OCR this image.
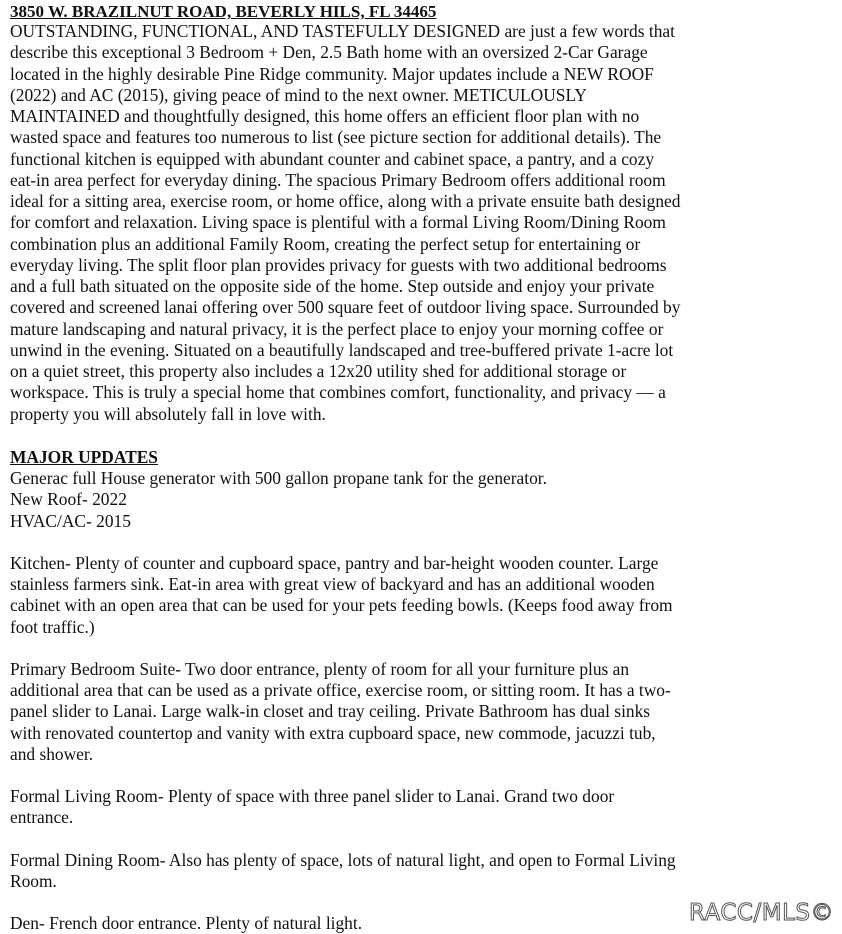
3850 W. BRAZILNUT ROAD, BEVERLY HILS, FL 34465

OUTSTANDING, FUNCTIONAL, AND TASTEFULLY DESIGNED are just a few words that
describe this exceptional 3 Bedroom + Den, 2.5 Bath home with an oversized 2-Car Garage
located in the highly desirable Pine Ridge community. Major updates include a NEW ROOF
(2022) and AC (2015), giving peace of mind to the next owner. METICULOUSLY
MAINTAINED and thoughtfully designed, this home offers an efficient floor plan with no
wasted space and features too numerous to list (see picture section for additional details). The
functional kitchen is equipped with abundant counter and cabinet space, a pantry, and a cozy
eat-in area perfect for everyday dining. The spacious Primary Bedroom offers additional room
ideal for a sitting area, exercise room, or home office, along with a private ensuite bath designed
for comfort and relaxation. Living space is plentiful with a formal Living Room/Dining Room
combination plus an additional Family Room, creating the perfect setup for entertaining or
everyday living. The split floor plan provides privacy for guests with two additional bedrooms
and a full bath situated on the opposite side of the home. Step outside and enjoy your private
covered and screened lanai offering over 500 square feet of outdoor living space. Surrounded by
mature landscaping and natural privacy, it is the perfect place to enjoy your morning coffee or
unwind in the evening. Situated on a beautifully landscaped and tree-buffered private 1-acre lot
on a quiet street, this property also includes a 12x20 utility shed for additional storage or
workspace. This is truly a special home that combines comfort, functionality, and privacy — a
property you will absolutely fall in love with.

MAJOR UPDATES

Generac full House generator with 500 gallon propane tank for the generator.
New Roof- 2022
HVAC/AC- 2015

Kitchen- Plenty of counter and cupboard space, pantry and bar-height wooden counter. Large
stainless farmers sink. Eat-in area with great view of backyard and has an additional wooden
cabinet with an open area that can be used for your pets feeding bowls. (Keeps food away from
foot traffic.)

Primary Bedroom Suite- Two door entrance, plenty of room for all your furniture plus an
additional area that can be used as a private office, exercise room, or sitting room. It has a two-
panel slider to Lanai. Large walk-in closet and tray ceiling. Private Bathroom has dual sinks
with renovated countertop and vanity with extra cupboard space, new commode, jacuzzi tub,
and shower.

Formal Living Room- Plenty of space with three panel slider to Lanai. Grand two door
entrance.

Formal Dining Room- Also has plenty of space, lots of natural light, and open to Formal Living
Room.

Den- French door entrance. Plenty of natural light.	RACC/MLS©
